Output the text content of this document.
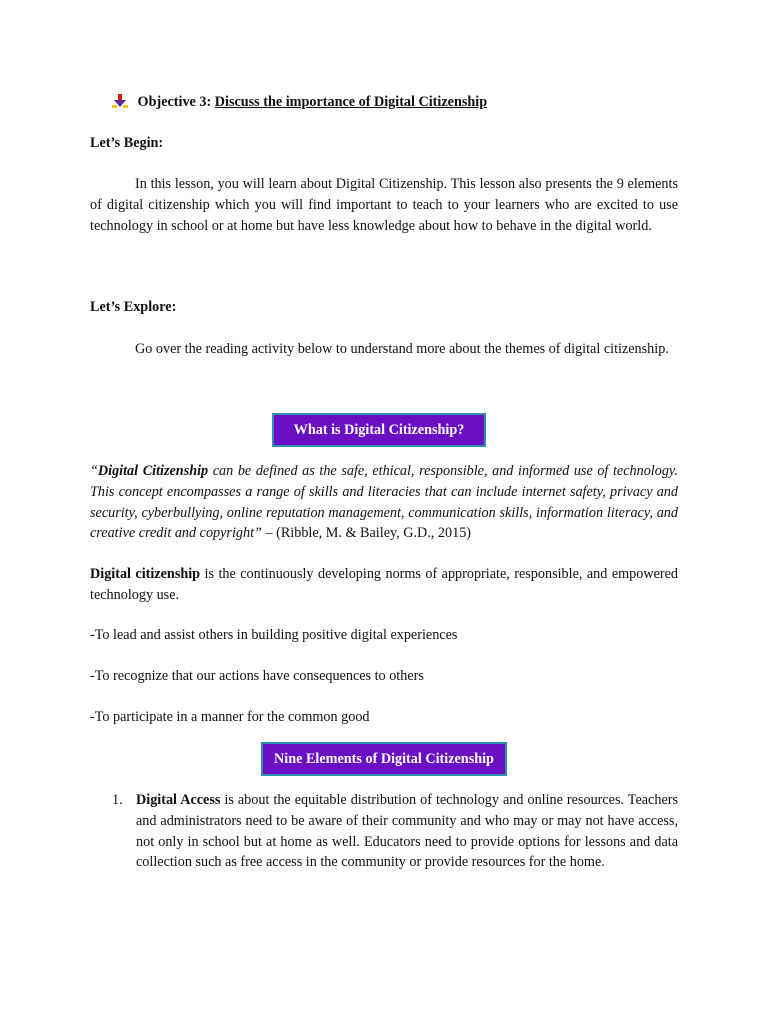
Objective 3: Discuss the importance of Digital Citizenship
Let’s Begin:
In this lesson, you will learn about Digital Citizenship. This lesson also presents the 9 elements of digital citizenship which you will find important to teach to your learners who are excited to use technology in school or at home but have less knowledge about how to behave in the digital world.
Let’s Explore:
Go over the reading activity below to understand more about the themes of digital citizenship.
What is Digital Citizenship?
“Digital Citizenship can be defined as the safe, ethical, responsible, and informed use of technology. This concept encompasses a range of skills and literacies that can include internet safety, privacy and security, cyberbullying, online reputation management, communication skills, information literacy, and creative credit and copyright” – (Ribble, M. & Bailey, G.D., 2015)
Digital citizenship is the continuously developing norms of appropriate, responsible, and empowered technology use.
-To lead and assist others in building positive digital experiences
-To recognize that our actions have consequences to others
-To participate in a manner for the common good
Nine Elements of Digital Citizenship
1. Digital Access is about the equitable distribution of technology and online resources. Teachers and administrators need to be aware of their community and who may or may not have access, not only in school but at home as well. Educators need to provide options for lessons and data collection such as free access in the community or provide resources for the home.
